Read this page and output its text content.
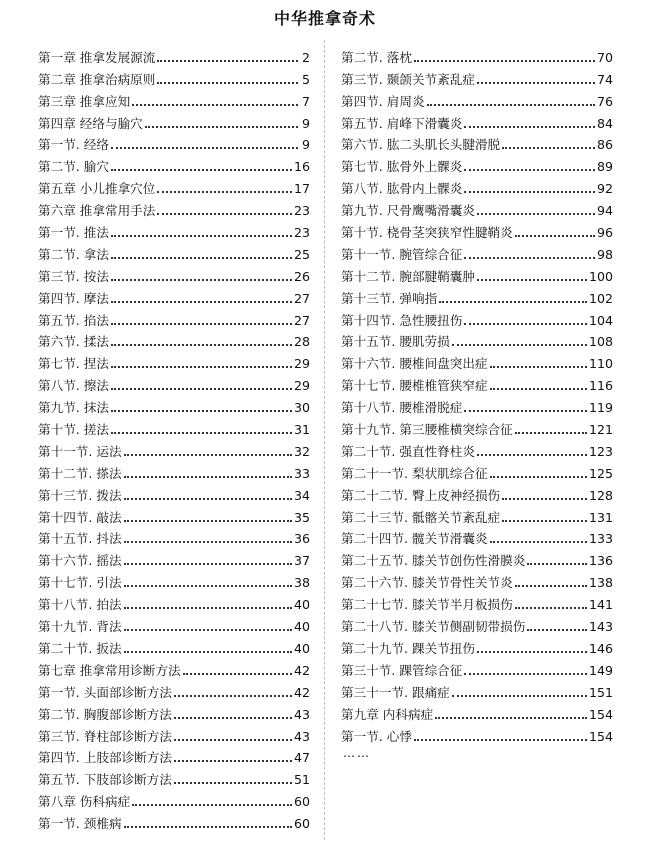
中华推拿奇术
第一章 推拿发展源流	2
第二章 推拿治病原则	5
第三章 推拿应知	7
第四章 经络与腧穴	9
第一节. 经络	9
第二节. 腧穴	16
第五章 小儿推拿穴位	17
第六章 推拿常用手法	23
第一节. 推法	23
第二节. 拿法	25
第三节. 按法	26
第四节. 摩法	27
第五节. 掐法	27
第六节. 揉法	28
第七节. 捏法	29
第八节. 擦法	29
第九节. 抹法	30
第十节. 搓法	31
第十一节. 运法	32
第十二节. 搽法	33
第十三节. 拨法	34
第十四节. 敲法	35
第十五节. 抖法	36
第十六节. 摇法	37
第十七节. 引法	38
第十八节. 拍法	40
第十九节. 背法	40
第二十节. 扳法	40
第七章 推拿常用诊断方法	42
第一节. 头面部诊断方法	42
第二节. 胸腹部诊断方法	43
第三节. 脊柱部诊断方法	43
第四节. 上肢部诊断方法	47
第五节. 下肢部诊断方法	51
第八章 伤科病症	60
第一节. 颈椎病	60
第二节. 落枕	70
第三节. 颞颌关节紊乱症	74
第四节. 肩周炎	76
第五节. 肩峰下滑囊炎	84
第六节. 肱二头肌长头腱滑脱	86
第七节. 肱骨外上髁炎	89
第八节. 肱骨内上髁炎	92
第九节. 尺骨鹰嘴滑囊炎	94
第十节. 桡骨茎突狭窄性腱鞘炎	96
第十一节. 腕管综合征	98
第十二节. 腕部腱鞘囊肿	100
第十三节. 弹响指	102
第十四节. 急性腰扭伤	104
第十五节. 腰肌劳损	108
第十六节. 腰椎间盘突出症	110
第十七节. 腰椎椎管狭窄症	116
第十八节. 腰椎滑脱症	119
第十九节. 第三腰椎横突综合征	121
第二十节. 强直性脊柱炎	123
第二十一节. 梨状肌综合征	125
第二十二节. 臀上皮神经损伤	128
第二十三节. 骶髂关节紊乱症	131
第二十四节. 髋关节滑囊炎	133
第二十五节. 膝关节创伤性滑膜炎	136
第二十六节. 膝关节骨性关节炎	138
第二十七节. 膝关节半月板损伤	141
第二十八节. 膝关节侧副韧带损伤	143
第二十九节. 踝关节扭伤	146
第三十节. 踝管综合征	149
第三十一节. 跟痛症	151
第九章 内科病症	154
第一节. 心悸	154
……
